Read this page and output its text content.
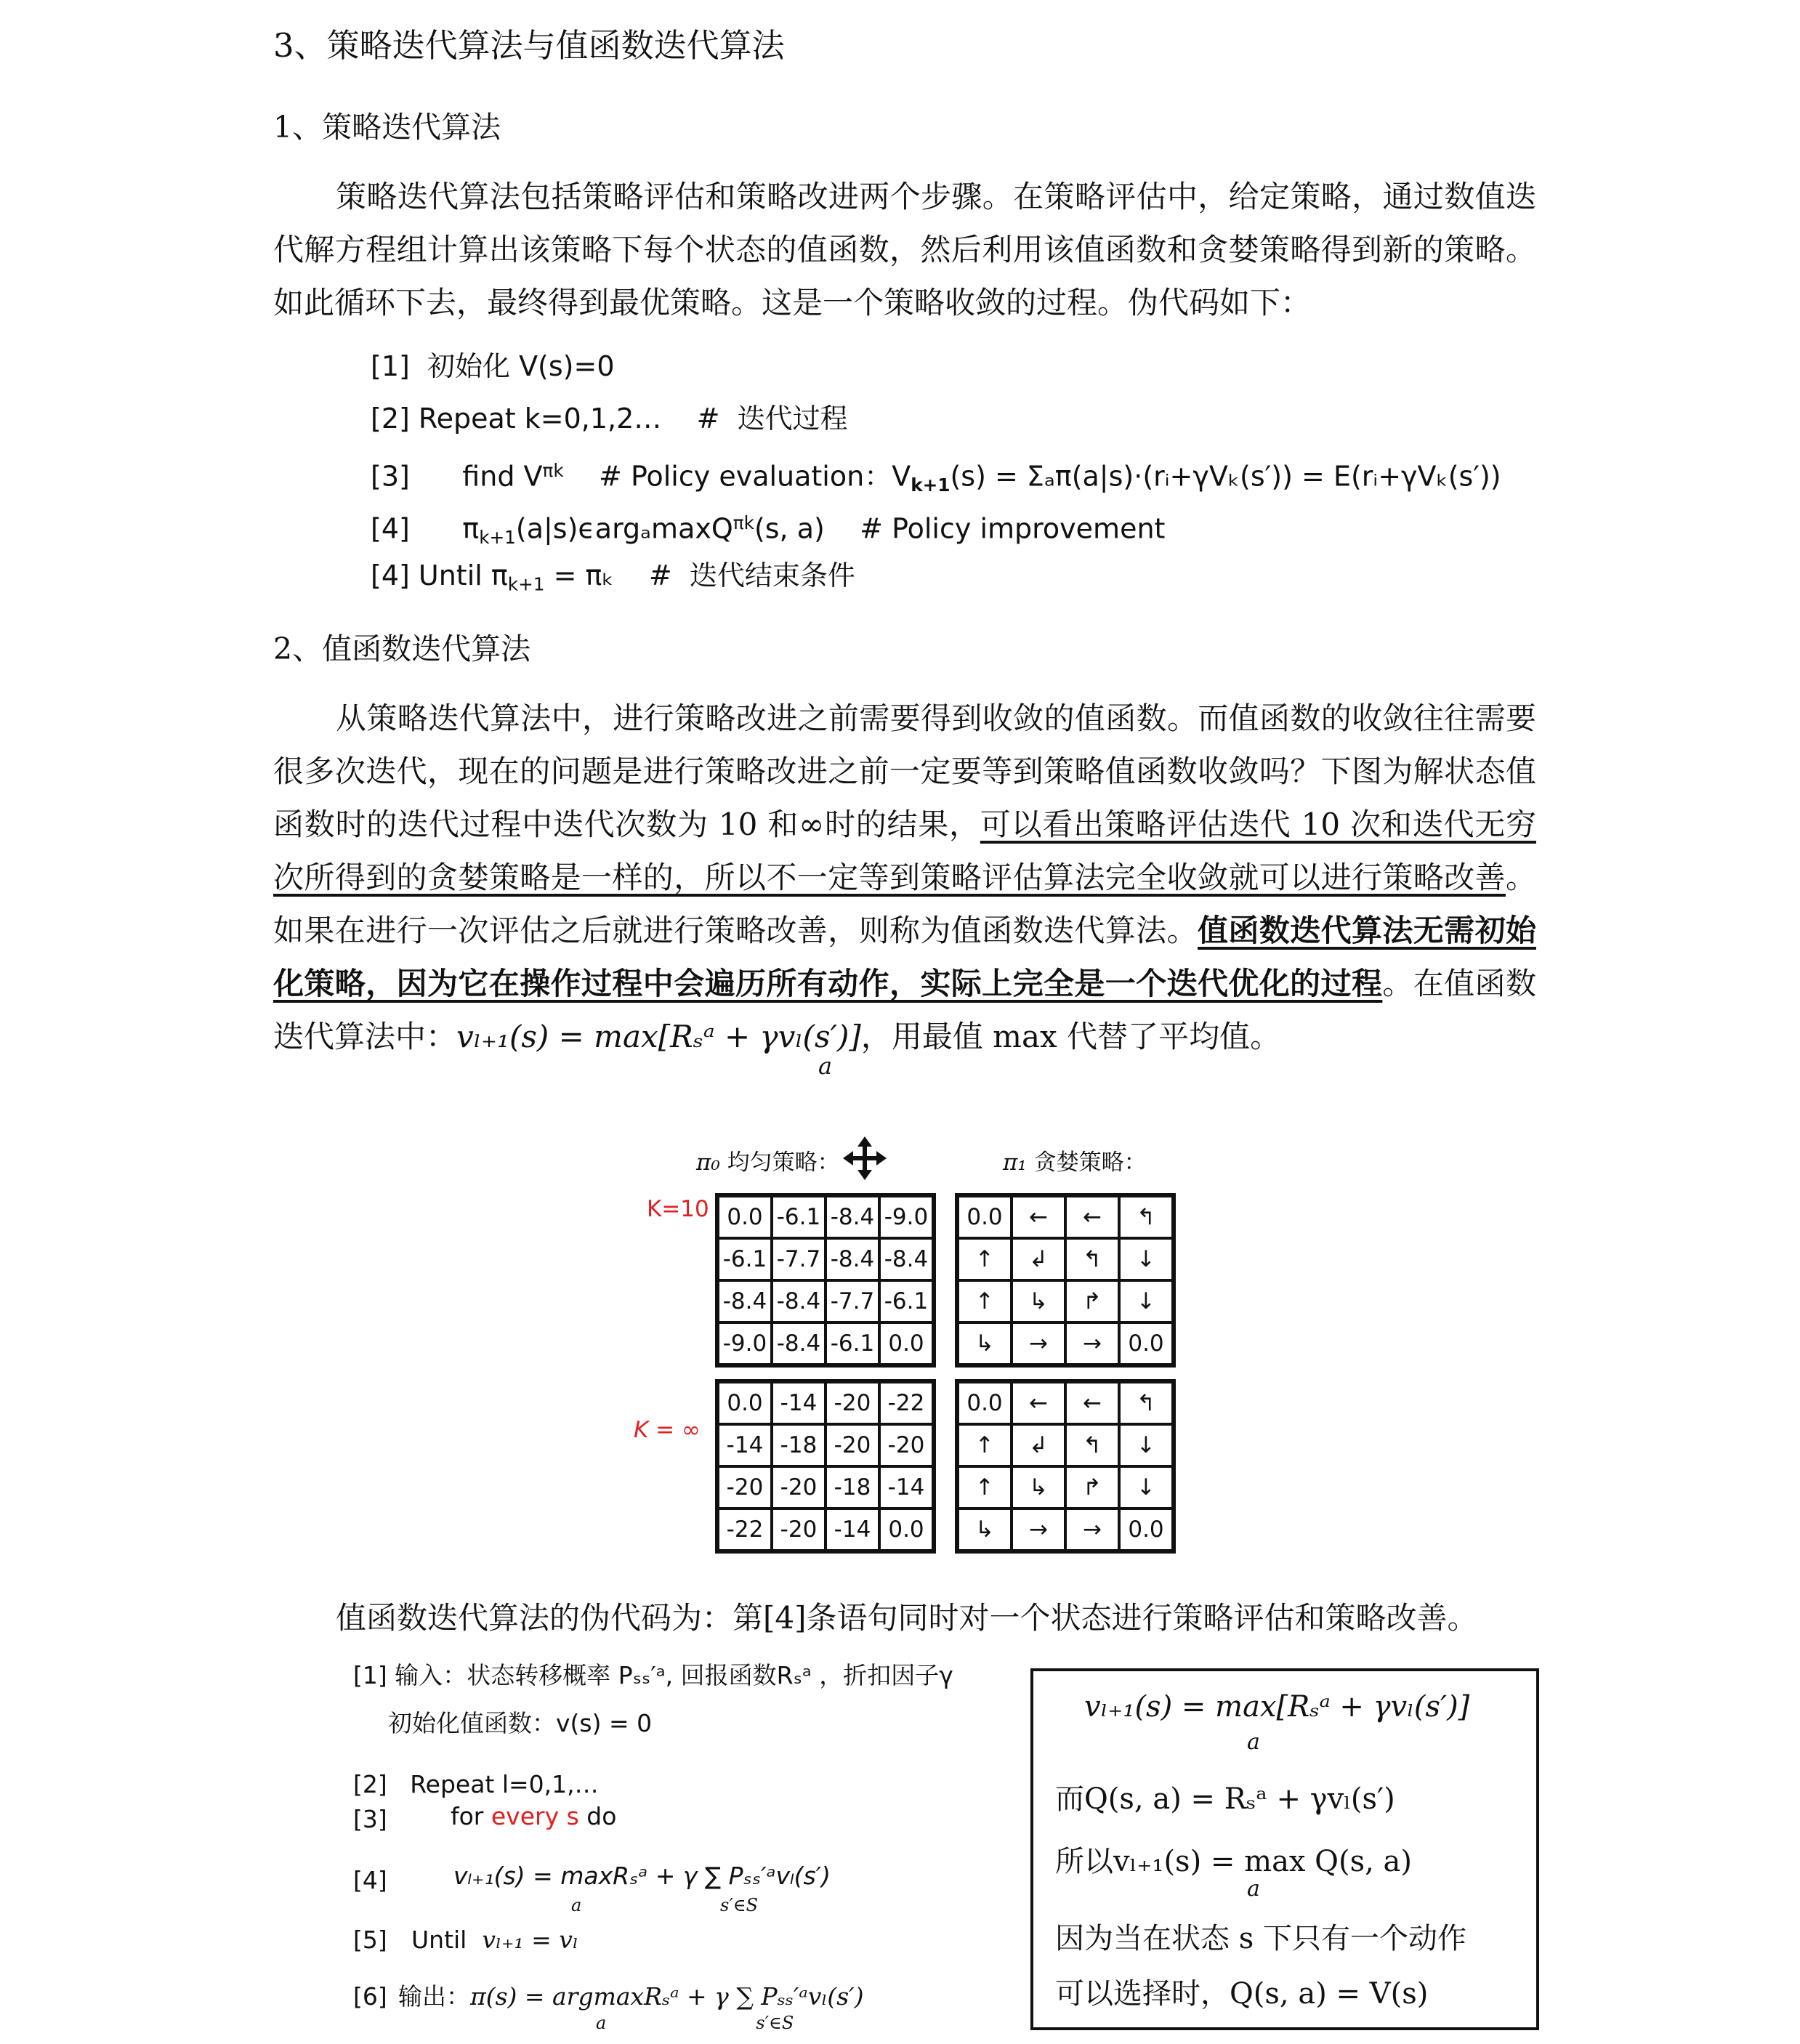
3、策略迭代算法与值函数迭代算法
1、策略迭代算法

策略迭代算法包括策略评估和策略改进两个步骤。在策略评估中，给定策略，通过数值迭代解方程组计算出该策略下每个状态的值函数，然后利用该值函数和贪婪策略得到新的策略。如此循环下去，最终得到最优策略。这是一个策略收敛的过程。伪代码如下：

[1]  初始化 V(s)=0
[2] Repeat k=0,1,2…    #  迭代过程
[3]      find $V^{\pi k}$    # Policy evaluation：$V_{k+1}(s)$ = Σₐπ(a|s)·(rᵢ+γVₖ(s′)) = E(rᵢ+γVₖ(s′))
[4]      $\pi_{k+1}(a|s)\epsilon arg_a\max Q^{\pi k}(s$, a)    # Policy improvement
[4] Until $\pi_{k+1} = \pi_k$    #  迭代结束条件
2、值函数迭代算法

从策略迭代算法中，进行策略改进之前需要得到收敛的值函数。而值函数的收敛往往需要很多次迭代，现在的问题是进行策略改进之前一定要等到策略值函数收敛吗？下图为解状态值函数时的迭代过程中迭代次数为 10 和∞时的结果，可以看出策略评估迭代 10 次和迭代无穷次所得到的贪婪策略是一样的，所以不一定等到策略评估算法完全收敛就可以进行策略改善。如果在进行一次评估之后就进行策略改善，则称为值函数迭代算法。值函数迭代算法无需初始化策略，因为它在操作过程中会遍历所有动作，实际上完全是一个迭代优化的过程。在值函数迭代算法中：vₗ₊₁(s) = max[Rₛᵃ + γvₗ(s′)]，用最值 max 代替了平均值。

a
π₀ 均匀策略：	π₁ 贪婪策略：
K=10
K = ∞
0.0 -6.1 -8.4 -9.0
-6.1 -7.7 -8.4 -8.4
-8.4 -8.4 -7.7 -6.1
-9.0 -8.4 -6.1 0.0
0.0	←	←	↰
↑	↲	↰	↓
↑	↳	↱	↓
↳	→	→	0.0
0.0 -14 -20 -22
-14 -18 -20 -20
-20 -20 -18 -14
-22 -20 -14 0.0
0.0	←	←	↰
↑	↲	↰	↓
↑	↳	↱	↓
↳	→	→	0.0

值函数迭代算法的伪代码为：第[4]条语句同时对一个状态进行策略评估和策略改善。

[1] 输入：状态转移概率 Pₛₛ′ᵃ, 回报函数Rₛᵃ ，折扣因子γ
初始化值函数：v(s) = 0
[2]   Repeat l=0,1,…
[3]	for every s do
[4]	vₗ₊₁(s) = maxRₛᵃ + γ ∑ Pₛₛ′ᵃvₗ(s′)
a                         s′∈S
[5] Until vₗ₊₁ = vₗ
[6] 输出：π(s) = argmaxRₛᵃ + γ ∑ Pₛₛ′ᵃvₗ(s′)
a                           s′∈S
vₗ₊₁(s) = max[Rₛᵃ + γvₗ(s′)]
a
而Q(s, a) = Rₛᵃ + γvₗ(s′)
所以vₗ₊₁(s) = max Q(s, a)
a
因为当在状态 s 下只有一个动作
可以选择时，Q(s, a) = V(s)
